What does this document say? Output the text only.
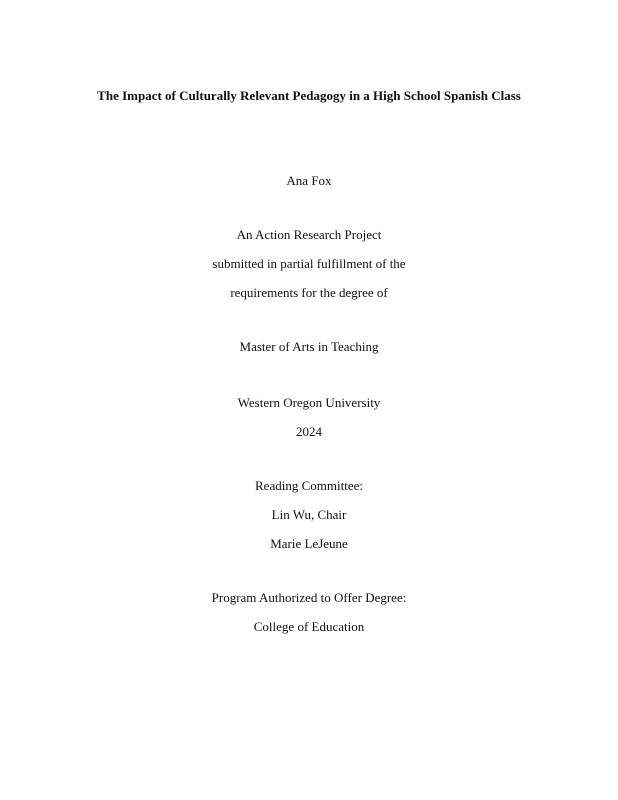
The Impact of Culturally Relevant Pedagogy in a High School Spanish Class
Ana Fox
An Action Research Project
submitted in partial fulfillment of the
requirements for the degree of
Master of Arts in Teaching
Western Oregon University
2024
Reading Committee:
Lin Wu, Chair
Marie LeJeune
Program Authorized to Offer Degree:
College of Education
